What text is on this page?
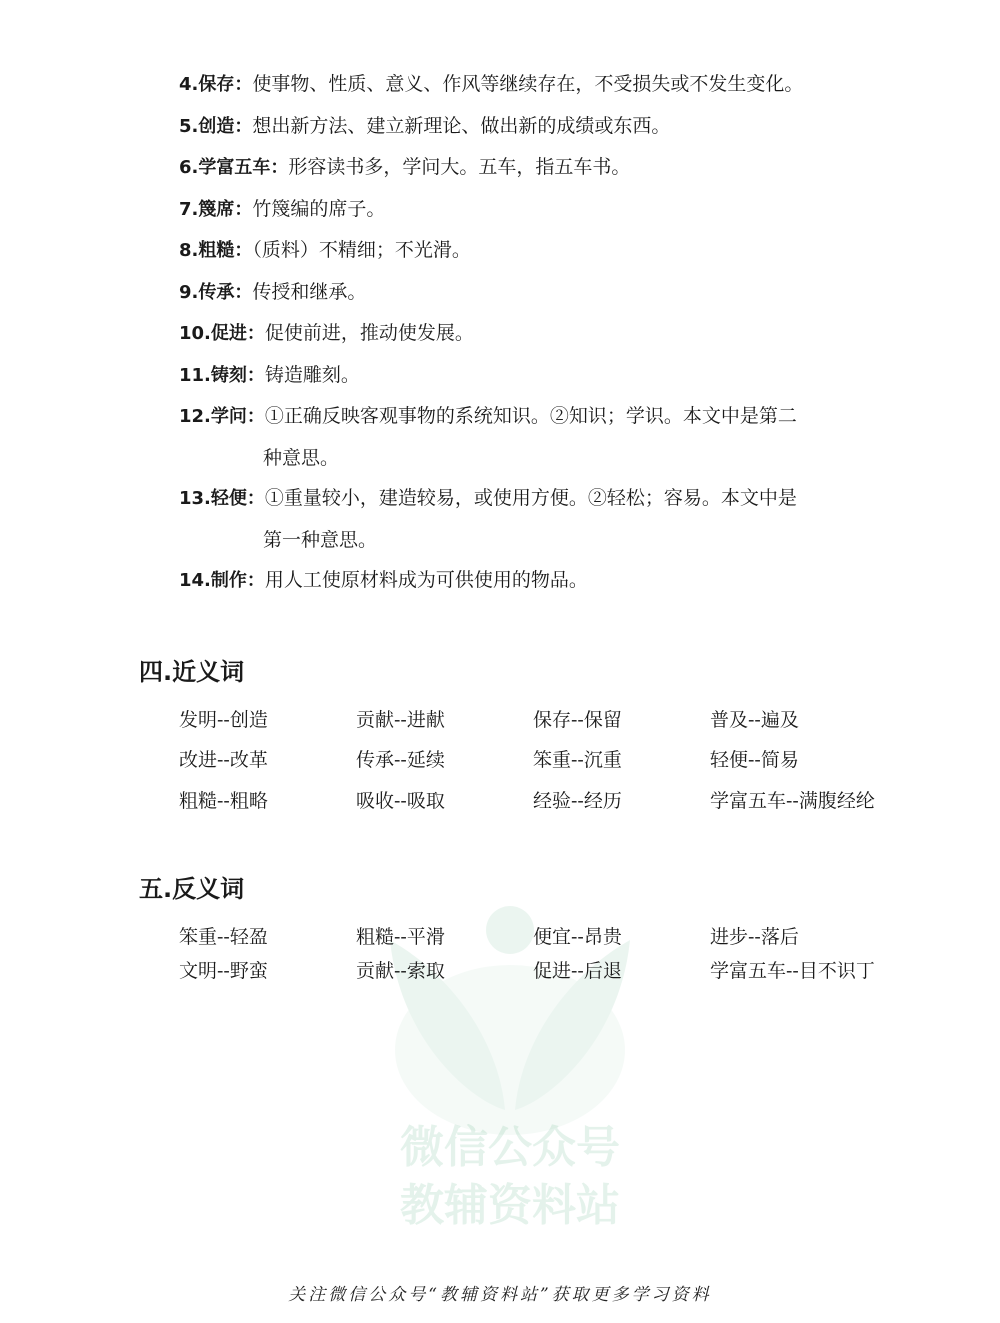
微信公众号
教辅资料站

4.保存：使事物、性质、意义、作风等继续存在，不受损失或不发生变化。

5.创造：想出新方法、建立新理论、做出新的成绩或东西。

6.学富五车：形容读书多，学问大。五车，指五车书。

7.篾席：竹篾编的席子。

8.粗糙：（质料）不精细；不光滑。

9.传承：传授和继承。

10.促进：促使前进，推动使发展。

11.铸刻：铸造雕刻。

12.学问：①正确反映客观事物的系统知识。②知识；学识。本文中是第二
种意思。

13.轻便：①重量较小，建造较易，或使用方便。②轻松；容易。本文中是
第一种意思。

14.制作：用人工使原材料成为可供使用的物品。

四.近义词
发明--创造	贡献--进献	保存--保留	普及--遍及
改进--改革	传承--延续	笨重--沉重	轻便--简易
粗糙--粗略	吸收--吸取	经验--经历	学富五车--满腹经纶
五.反义词
笨重--轻盈	粗糙--平滑	便宜--昂贵	进步--落后
文明--野蛮	贡献--索取	促进--后退	学富五车--目不识丁
关注微信公众号“教辅资料站”获取更多学习资料
